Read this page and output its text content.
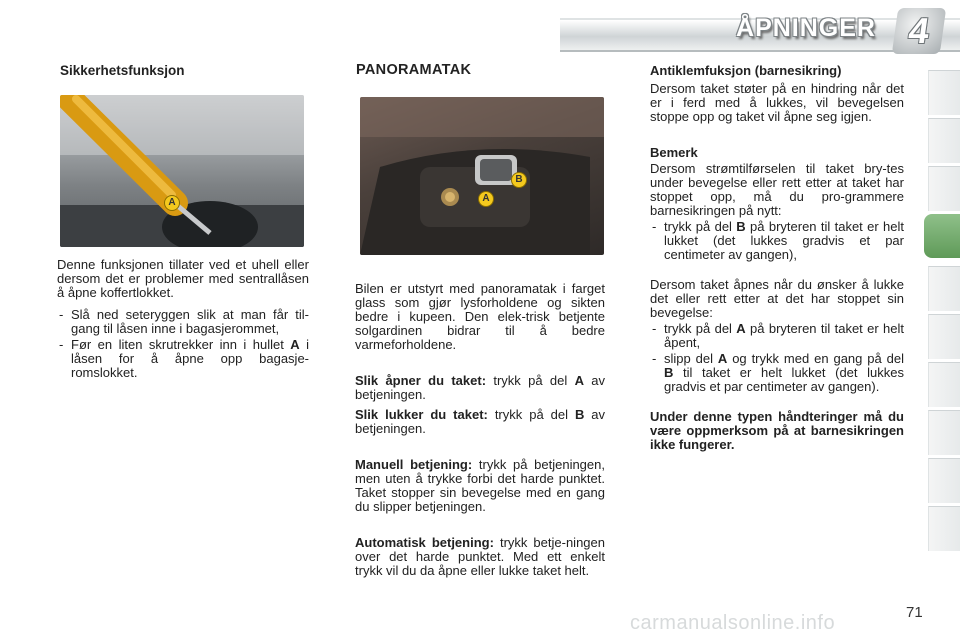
ÅPNINGER 4
Sikkerhetsfunksjon
A

Denne funksjonen tillater ved et uhell eller dersom det er problemer med sentrallåsen å åpne koffertlokket.

- Slå ned seteryggen slik at man får til-gang til låsen inne i bagasjerommet,
- Før en liten skrutrekker inn i hullet A i låsen for å åpne opp bagasje-romslokket.
PANORAMATAK
B
A

Bilen er utstyrt med panoramatak i farget glass som gjør lysforholdene og sikten bedre i kupeen. Den elek-trisk betjente solgardinen bidrar til å bedre varmeforholdene.

Slik åpner du taket: trykk på del A av betjeningen.

Slik lukker du taket: trykk på del B av betjeningen.

Manuell betjening: trykk på betjeningen, men uten å trykke forbi det harde punktet. Taket stopper sin bevegelse med en gang du slipper betjeningen.

Automatisk betjening: trykk betje-ningen over det harde punktet. Med ett enkelt trykk vil du da åpne eller lukke taket helt.

Antiklemfuksjon (barnesikring)

Dersom taket støter på en hindring når det er i ferd med å lukkes, vil bevegelsen stoppe opp og taket vil åpne seg igjen.

Bemerk

Dersom strømtilførselen til taket bry-tes under bevegelse eller rett etter at taket har stoppet opp, må du pro-grammere barnesikringen på nytt:

- trykk på del B på bryteren til taket er helt lukket (det lukkes gradvis et par centimeter av gangen),

Dersom taket åpnes når du ønsker å lukke det eller rett etter at det har stoppet sin bevegelse:

- trykk på del A på bryteren til taket er helt åpent,
- slipp del A og trykk med en gang på del B til taket er helt lukket (det lukkes gradvis et par centimeter av gangen).

Under denne typen håndteringer må du være oppmerksom på at barnesikringen ikke fungerer.

carmanualsonline.info	71
